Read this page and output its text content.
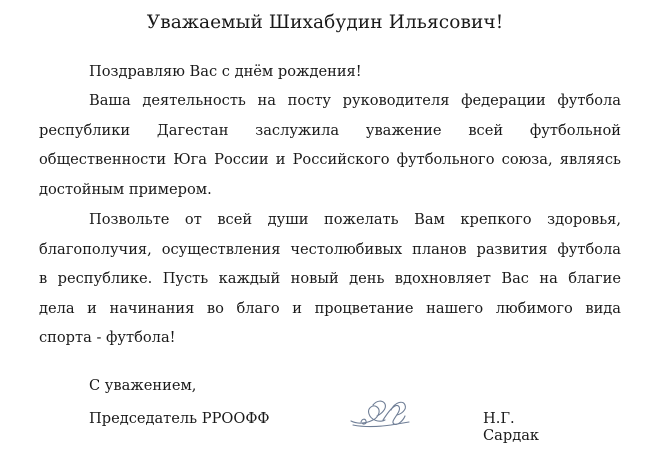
Уважаемый Шихабудин Ильясович!
Поздравляю Вас с днём рождения!
Ваша деятельность на посту руководителя федерации футбола
республики Дагестан заслужила уважение всей футбольной
общественности Юга России и Российского футбольного союза, являясь
достойным примером.
Позвольте от всей души пожелать Вам крепкого здоровья,
благополучия, осуществления честолюбивых планов развития футбола
в республике. Пусть каждый новый день вдохновляет Вас на благие
дела и начинания во благо и процветание нашего любимого вида
спорта - футбола!
С уважением,
Председатель РРООФФ	Н.Г. Сардак
